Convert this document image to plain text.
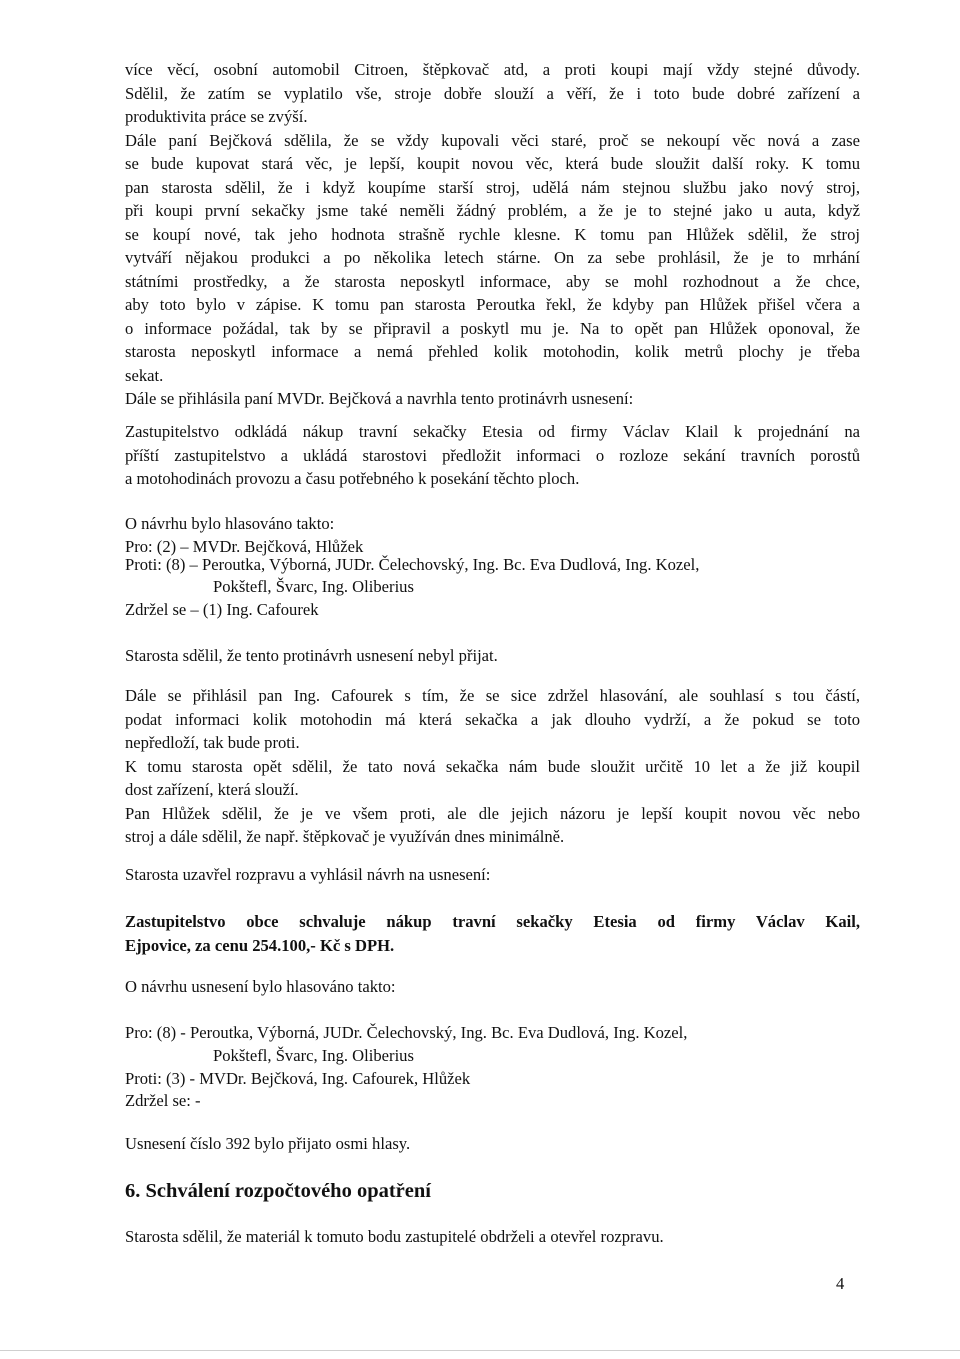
více věcí, osobní automobil Citroen, štěpkovač atd, a proti koupi mají vždy stejné důvody.
Sdělil, že zatím se vyplatilo vše, stroje dobře slouží a věří, že i toto bude dobré zařízení a
produktivita práce se zvýší.
Dále paní Bejčková sdělila, že se vždy kupovali věci staré, proč se nekoupí věc nová a zase
se bude kupovat stará věc, je lepší, koupit novou věc, která bude sloužit další roky. K tomu
pan starosta sdělil, že i když koupíme starší stroj, udělá nám stejnou službu jako nový stroj,
při koupi první sekačky jsme také neměli žádný problém, a že je to stejné jako u auta, když
se koupí nové, tak jeho hodnota strašně rychle klesne. K tomu pan Hlůžek sdělil, že stroj
vytváří nějakou produkci a po několika letech stárne. On za sebe prohlásil, že je to mrhání
státními prostředky, a že starosta neposkytl informace, aby se mohl rozhodnout a že chce,
aby toto bylo v zápise. K tomu pan starosta Peroutka řekl, že kdyby pan Hlůžek přišel včera a
o informace požádal, tak by se připravil a poskytl mu je. Na to opět pan Hlůžek oponoval, že
starosta neposkytl informace a nemá přehled kolik motohodin, kolik metrů plochy je třeba
sekat.
Dále se přihlásila paní MVDr. Bejčková a navrhla tento protinávrh usnesení:
Zastupitelstvo odkládá nákup travní sekačky Etesia od firmy Václav Klail k projednání na
příští zastupitelstvo a ukládá starostovi předložit informaci o rozloze sekání travních porostů
a motohodinách provozu a času potřebného k posekání těchto ploch.
O návrhu bylo hlasováno takto:
Pro: (2) – MVDr. Bejčková, Hlůžek
Proti: (8) – Peroutka, Výborná, JUDr. Čelechovský, Ing. Bc. Eva Dudlová, Ing. Kozel,
Pokštefl, Švarc, Ing. Oliberius
Zdržel se – (1) Ing. Cafourek
Starosta sdělil, že tento protinávrh usnesení nebyl přijat.
Dále se přihlásil pan Ing. Cafourek s tím, že se sice zdržel hlasování, ale souhlasí s tou částí,
podat informaci kolik motohodin má která sekačka a jak dlouho vydrží, a že pokud se toto
nepředloží, tak bude proti.
K tomu starosta opět sdělil, že tato nová sekačka nám bude sloužit určitě 10 let a že již koupil
dost zařízení, která slouží.
Pan Hlůžek sdělil, že je ve všem proti, ale dle jejich názoru je lepší koupit novou věc nebo
stroj a dále sdělil, že např. štěpkovač je využíván dnes minimálně.
Starosta uzavřel rozpravu a vyhlásil návrh na usnesení:
Zastupitelstvo obce schvaluje nákup travní sekačky Etesia od firmy Václav Kail,
Ejpovice, za cenu 254.100,- Kč s DPH.
O návrhu usnesení bylo hlasováno takto:
Pro: (8) - Peroutka, Výborná, JUDr. Čelechovský, Ing. Bc. Eva Dudlová, Ing. Kozel,
Pokštefl, Švarc, Ing. Oliberius
Proti: (3) - MVDr. Bejčková, Ing. Cafourek, Hlůžek
Zdržel se: -
Usnesení číslo 392 bylo přijato osmi hlasy.
6. Schválení rozpočtového opatření
Starosta sdělil, že materiál k tomuto bodu zastupitelé obdrželi a otevřel rozpravu.
4
